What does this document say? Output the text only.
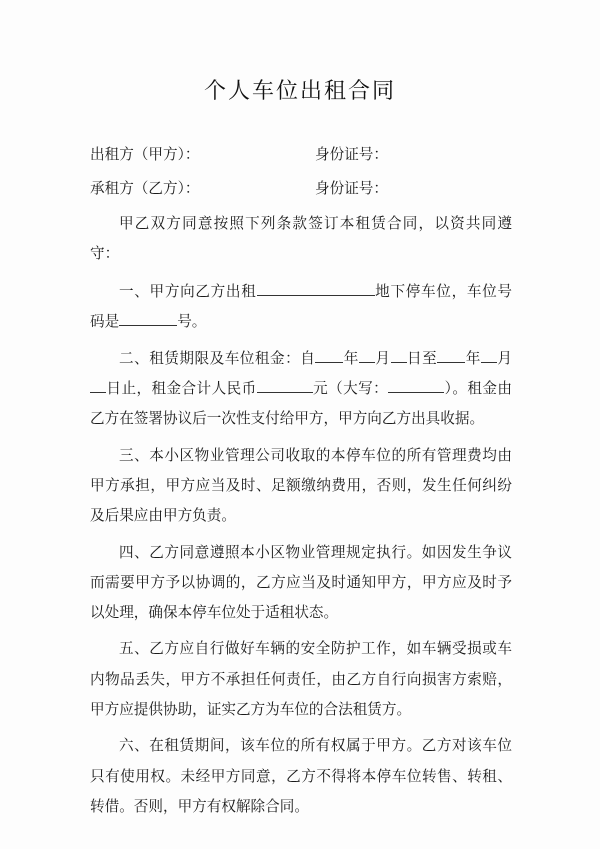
个人车位出租合同
出租方（甲方）：	身份证号：
承租方（乙方）：	身份证号：

甲乙双方同意按照下列条款签订本租赁合同，以资共同遵守：

一、甲方向乙方出租	地下停车位，车位号码是	号。

二、租赁期限及车位租金：自 年 月 日至 年 月日止，租金合计人民币	元（大写：	）。租金由乙方在签署协议后一次性支付给甲方，甲方向乙方出具收据。

三、本小区物业管理公司收取的本停车位的所有管理费均由甲方承担，甲方应当及时、足额缴纳费用，否则，发生任何纠纷及后果应由甲方负责。

四、乙方同意遵照本小区物业管理规定执行。如因发生争议而需要甲方予以协调的，乙方应当及时通知甲方，甲方应及时予以处理，确保本停车位处于适租状态。

五、乙方应自行做好车辆的安全防护工作，如车辆受损或车内物品丢失，甲方不承担任何责任，由乙方自行向损害方索赔，甲方应提供协助，证实乙方为车位的合法租赁方。

六、在租赁期间，该车位的所有权属于甲方。乙方对该车位只有使用权。未经甲方同意，乙方不得将本停车位转售、转租、转借。否则，甲方有权解除合同。
